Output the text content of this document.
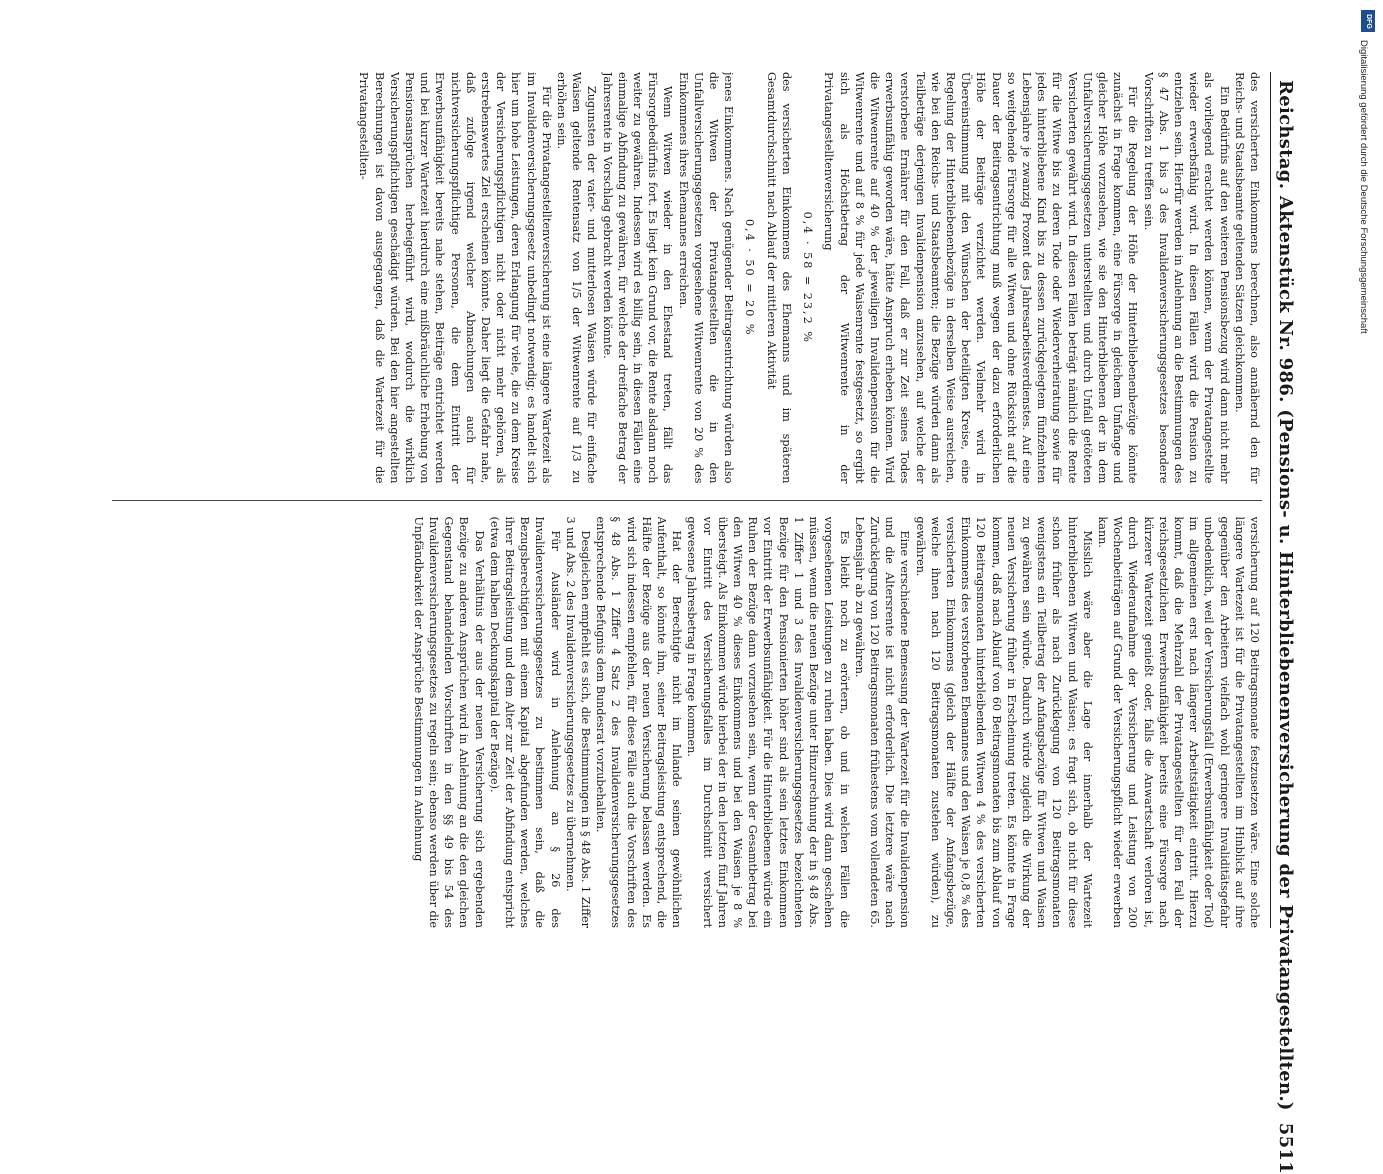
Reichstag. Aktenstück Nr. 986. (Pensions- u. Hinterbliebenenversicherung der Privatangestellten.)
5511

des versicherten Einkommens berechnen, also annähernd den für Reichs- und Staatsbeamte geltenden Sätzen gleichkommen.

Ein Bedürfnis auf den weiteren Pensionsbezug wird dann nicht mehr als vorliegend erachtet werden können, wenn der Privatangestellte wieder erwerbsfähig wird. In diesen Fällen wird die Pension zu entziehen sein. Hierfür werden in Anlehnung an die Bestimmungen des § 47 Abs. 1 bis 3 des Invalidenversicherungsgesetzes besondere Vorschriften zu treffen sein.

Für die Regelung der Höhe der Hinterbliebenenbezüge könnte zunächst in Frage kommen, eine Fürsorge in gleichem Umfange und gleicher Höhe vorzusehen, wie sie den Hinterbliebenen der in dem Unfallversicherungsgesetzen unterstellten und durch Unfall getöteten Versicherten gewährt wird. In diesen Fällen beträgt nämlich die Rente für die Witwe bis zu deren Tode oder Wiederverheiratung sowie für jedes hinterbliebene Kind bis zu dessen zurückgelegtem fünfzehnten Lebensjahre je zwanzig Prozent des Jahresarbeitsverdienstes. Auf eine so weitgehende Fürsorge für alle Witwen und ohne Rücksicht auf die Dauer der Beitragsentrichtung muß wegen der dazu erforderlichen Höhe der Beiträge verzichtet werden. Vielmehr wird in Übereinstimmung mit den Wünschen der beteiligten Kreise, eine Regelung der Hinterbliebenenbezüge in derselben Weise ausreichen, wie bei den Reichs- und Staatsbeamten; die Bezüge würden dann als Teilbeträge derjenigen Invalidenpension anzusehen, auf welche der verstorbene Ernährer für den Fall, daß er zur Zeit seines Todes erwerbsunfähig geworden wäre, hätte Anspruch erheben können. Wird die Witwenrente auf 40 % der jeweiligen Invalidenpension für die Witwenrente und auf 8 % für jede Waisenrente festgesetzt, so ergibt sich als Höchstbetrag der Witwenrente in der Privatangestelltenversicherung

0,4 · 58 = 23,2 %

des versicherten Einkommens des Ehemanns und im späteren Gesamtdurchschnitt nach Ablauf der mittleren Aktivität

0,4 · 50 = 20 %

jenes Einkommens. Nach genügender Beitragsentrichtung würden also die Witwen der Privatangestellten die in den Unfallversicherungsgesetzen vorgesehene Witwenrente von 20 % des Einkommens ihres Ehemannes erreichen.

Wenn Witwen wieder in den Ehestand treten, fällt das Fürsorgebedürfnis fort. Es liegt kein Grund vor, die Rente alsdann noch weiter zu gewähren. Indessen wird es billig sein, in diesen Fällen eine einmalige Abfindung zu gewähren, für welche der dreifache Betrag der Jahresrente in Vorschlag gebracht werden könnte.

Zugunsten der vater- und mutterlosen Waisen würde für einfache Waisen geltende Rentensatz von 1/5 der Witwenrente auf 1/3 zu erhöhen sein.

Für die Privatangestelltenversicherung ist eine längere Wartezeit als im Invalidenversicherungsgesetz unbedingt notwendig; es handelt sich hier um hohe Leistungen, deren Erlangung für viele, die zu dem Kreise der Versicherungspflichtigen nicht oder nicht mehr gehören, als erstrebenswertes Ziel erscheinen könnte. Daher liegt die Gefahr nahe, daß zufolge irgend welcher Abmachungen auch für nichtversicherungspflichtige Personen, die dem Eintritt der Erwerbsunfähigkeit bereits nahe stehen, Beiträge entrichtet werden und bei kurzer Wartezeit hierdurch eine mißbräuchliche Erhebung von Pensionsansprüchen herbeigeführt wird, wodurch die wirklich Versicherungspflichtigen geschädigt würden. Bei den hier angestellten Berechnungen ist davon ausgegangen, daß die Wartezeit für die Privatangestellten-

versicherung auf 120 Beitragsmonate festzusetzen wäre. Eine solche längere Wartezeit ist für die Privatangestellten im Hinblick auf ihre gegenüber den Arbeitern vielfach wohl geringere Invaliditätsgefahr unbedenklich, weil der Versicherungsfall (Erwerbsunfähigkeit oder Tod) im allgemeinen erst nach längerer Arbeitstätigkeit eintritt. Hierzu kommt, daß die Mehrzahl der Privatangestellten für den Fall der reichsgesetzlichen Erwerbsunfähigkeit bereits eine Fürsorge nach kürzerer Wartezeit genießt oder, falls die Anwartschaft verloren ist, durch Wiederaufnahme der Versicherung und Leistung von 200 Wochenbeiträgen auf Grund der Versicherungspflicht wieder erwerben kann.

Misslich wäre aber die Lage der innerhalb der Wartezeit hinterbliebenen Witwen und Waisen; es fragt sich, ob nicht für diese schon früher als nach Zurücklegung von 120 Beitragsmonaten wenigstens ein Teilbetrag der Anfangsbezüge für Witwen und Waisen zu gewähren sein würde. Dadurch würde zugleich die Wirkung der neuen Versicherung früher in Erscheinung treten. Es könnte in Frage kommen, daß nach Ablauf von 60 Beitragsmonaten bis zum Ablauf von 120 Beitragsmonaten hinterbleibenden Witwen 4 % des versicherten Einkommens des verstorbenen Ehemannes und den Waisen je 0,8 % des versicherten Einkommens (gleich der Hälfte der Anfangsbezüge, welche ihnen nach 120 Beitragsmonaten zustehen würden), zu gewähren.

Eine verschiedene Bemessung der Wartezeit für die Invalidenpension und die Altersrente ist nicht erforderlich. Die letztere wäre nach Zurücklegung von 120 Beitragsmonaten frühestens vom vollendeten 65. Lebensjahr ab zu gewähren.

Es bleibt noch zu erörtern, ob und in welchen Fällen die vorgesehenen Leistungen zu ruhen haben. Dies wird dann geschehen müssen, wenn die neuen Bezüge unter Hinzurechnung der in § 48 Abs. 1 Ziffer 1 und 3 des Invalidenversicherungsgesetzes bezeichneten Bezüge für den Pensionierten höher sind als sein letztes Einkommen vor Eintritt der Erwerbsunfähigkeit. Für die Hinterbliebenen würde ein Ruhen der Bezüge dann vorzusehen sein, wenn der Gesamtbetrag bei den Witwen 40 % dieses Einkommens und bei den Waisen je 8 % übersteigt. Als Einkommen würde hierbei der in den letzten fünf Jahren vor Eintritt des Versicherungsfalles im Durchschnitt versichert gewesene Jahresbetrag in Frage kommen.

Hat der Berechtigte nicht im Inlande seinen gewöhnlichen Aufenthalt, so könnte ihm, seiner Beitragsleistung entsprechend, die Hälfte der Bezüge aus der neuen Versicherung belassen werden. Es wird sich indessen empfehlen, für diese Fälle auch die Vorschriften des § 48 Abs. 1 Ziffer 4 Satz 2 des Invalidenversicherungsgesetzes entsprechende Befugnis dem Bundesrat vorzubehalten.

Desgleichen empfiehlt es sich, die Bestimmungen in § 48 Abs. 1 Ziffer 3 und Abs. 2 des Invalidenversicherungsgesetzes zu übernehmen.

Für Ausländer wird in Anlehnung an § 26 des Invalidenversicherungsgesetzes zu bestimmen sein, daß die Bezugsberechtigten mit einem Kapital abgefunden werden, welches ihrer Beitragsleistung und dem Alter zur Zeit der Abfindung entspricht (etwa dem halben Deckungskapital der Bezüge).

Das Verhältnis der aus der neuen Versicherung sich ergebenden Bezüge zu anderen Ansprüchen wird in Anlehnung an die den gleichen Gegenstand behandelnden Vorschriften in den §§ 49 bis 54 des Invalidenversicherungsgesetzes zu regeln sein; ebenso werden über die Unpfändbarkeit der Ansprüche Bestimmungen in Anlehnung

DFG
Digitalisierung gefördert durch die Deutsche Forschungsgemeinschaft
